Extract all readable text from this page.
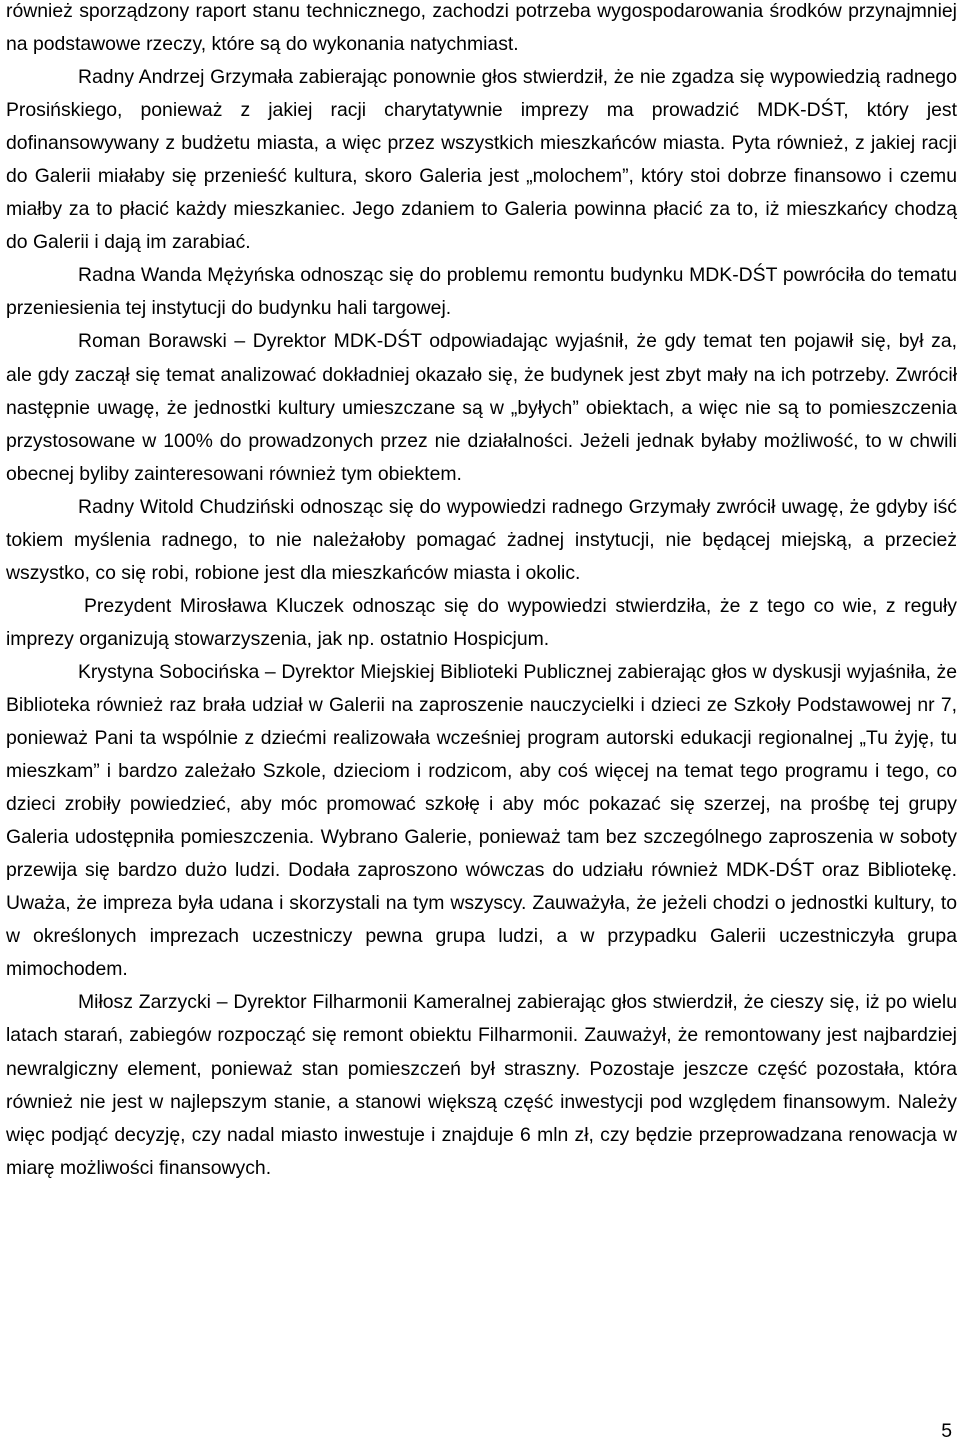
również sporządzony raport stanu technicznego, zachodzi potrzeba wygospodarowania środków przynajmniej na podstawowe rzeczy, które są do wykonania natychmiast.

Radny Andrzej Grzymała zabierając ponownie głos stwierdził, że nie zgadza się wypowiedzią radnego Prosińskiego, ponieważ z jakiej racji charytatywnie imprezy ma prowadzić MDK-DŚT, który jest dofinansowywany z budżetu miasta, a więc przez wszystkich mieszkańców miasta. Pyta również, z jakiej racji do Galerii miałaby się przenieść kultura, skoro Galeria jest „molochem”, który stoi dobrze finansowo i czemu miałby za to płacić każdy mieszkaniec. Jego zdaniem to Galeria powinna płacić za to, iż mieszkańcy chodzą do Galerii i dają im zarabiać.

Radna Wanda Mężyńska odnosząc się do problemu remontu budynku MDK-DŚT powróciła do tematu przeniesienia tej instytucji do budynku hali targowej.

Roman Borawski – Dyrektor MDK-DŚT odpowiadając wyjaśnił, że gdy temat ten pojawił się, był za, ale gdy zaczął się temat analizować dokładniej okazało się, że budynek jest zbyt mały na ich potrzeby. Zwrócił następnie uwagę, że jednostki kultury umieszczane są w „byłych” obiektach, a więc nie są to pomieszczenia przystosowane w 100% do prowadzonych przez nie działalności. Jeżeli jednak byłaby możliwość, to w chwili obecnej byliby zainteresowani również tym obiektem.

Radny Witold Chudziński odnosząc się do wypowiedzi radnego Grzymały zwrócił uwagę, że gdyby iść tokiem myślenia radnego, to nie należałoby pomagać żadnej instytucji, nie będącej miejską, a przecież wszystko, co się robi, robione jest dla mieszkańców miasta i okolic.

Prezydent Mirosława Kluczek odnosząc się do wypowiedzi stwierdziła, że z tego co wie, z reguły imprezy organizują stowarzyszenia, jak np. ostatnio Hospicjum.

Krystyna Sobocińska – Dyrektor Miejskiej Biblioteki Publicznej zabierając głos w dyskusji wyjaśniła, że Biblioteka również raz brała udział w Galerii na zaproszenie nauczycielki i dzieci ze Szkoły Podstawowej nr 7, ponieważ Pani ta wspólnie z dziećmi realizowała wcześniej program autorski edukacji regionalnej „Tu żyję, tu mieszkam” i bardzo zależało Szkole, dzieciom i rodzicom, aby coś więcej na temat tego programu i tego, co dzieci zrobiły powiedzieć, aby móc promować szkołę i aby móc pokazać się szerzej, na prośbę tej grupy Galeria udostępniła pomieszczenia. Wybrano Galerie, ponieważ tam bez szczególnego zaproszenia w soboty przewija się bardzo dużo ludzi. Dodała zaproszono wówczas do udziału również MDK-DŚT oraz Bibliotekę. Uważa, że impreza była udana i skorzystali na tym wszyscy. Zauważyła, że jeżeli chodzi o jednostki kultury, to w określonych imprezach uczestniczy pewna grupa ludzi, a w przypadku Galerii uczestniczyła grupa mimochodem.

Miłosz Zarzycki – Dyrektor Filharmonii Kameralnej zabierając głos stwierdził, że cieszy się, iż po wielu latach starań, zabiegów rozpocząć się remont obiektu Filharmonii. Zauważył, że remontowany jest najbardziej newralgiczny element, ponieważ stan pomieszczeń był straszny. Pozostaje jeszcze część pozostała, która również nie jest w najlepszym stanie, a stanowi większą część inwestycji pod względem finansowym. Należy więc podjąć decyzję, czy nadal miasto inwestuje i znajduje 6 mln zł, czy będzie przeprowadzana renowacja w miarę możliwości finansowych.

5
